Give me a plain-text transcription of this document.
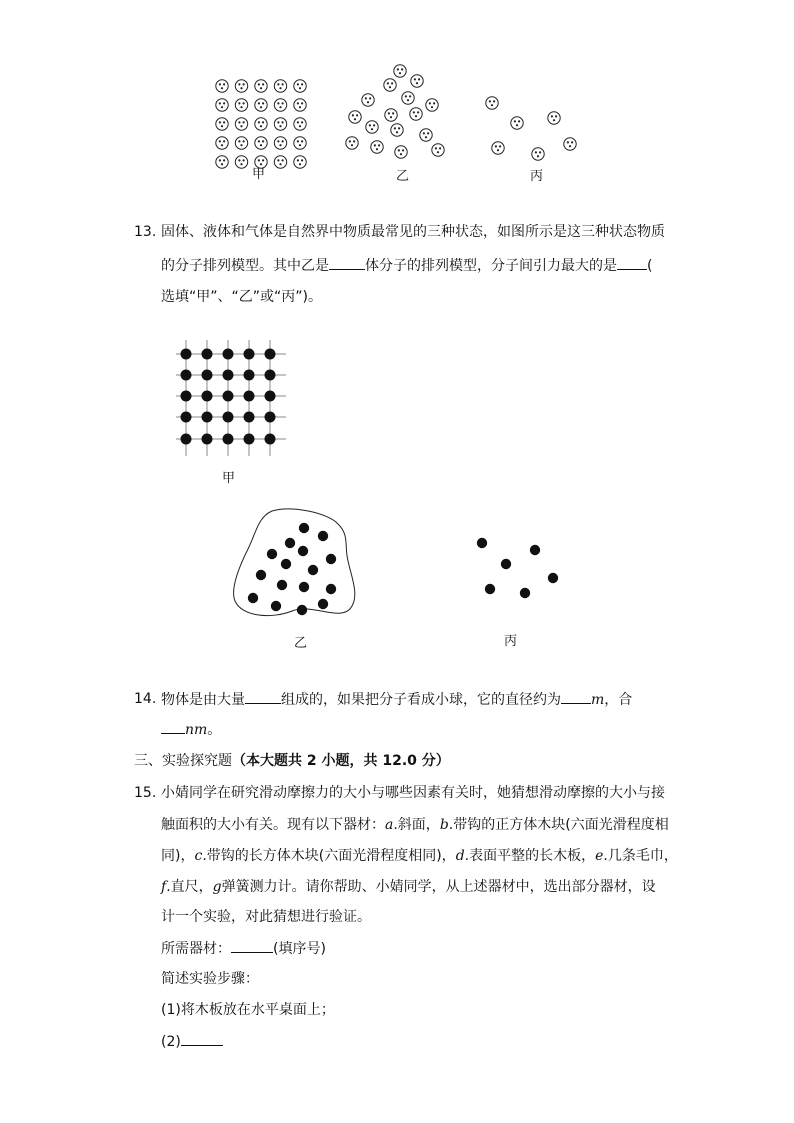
甲	乙	丙
13. 固体、液体和气体是自然界中物质最常见的三种状态，如图所示是这三种状态物质
的分子排列模型。其中乙是	体分子的排列模型，分子间引力最大的是 (
选填“甲”、“乙”或“丙”)。
甲
乙	丙
14. 物体是由大量	组成的，如果把分子看成小球，它的直径约为 m，合
nm。
三、实验探究题（本大题共 2 小题，共 12.0 分）
15. 小婧同学在研究滑动摩擦力的大小与哪些因素有关时，她猜想滑动摩擦的大小与接
触面积的大小有关。现有以下器材：a.斜面，b.带钩的正方体木块(六面光滑程度相
同)，c.带钩的长方体木块(六面光滑程度相同)，d.表面平整的长木板，e.几条毛巾，
f.直尺，g弹簧测力计。请你帮助、小婧同学，从上述器材中，选出部分器材，设
计一个实验，对此猜想进行验证。
所需器材：	(填序号)
简述实验步骤：
(1)将木板放在水平桌面上；
(2)
